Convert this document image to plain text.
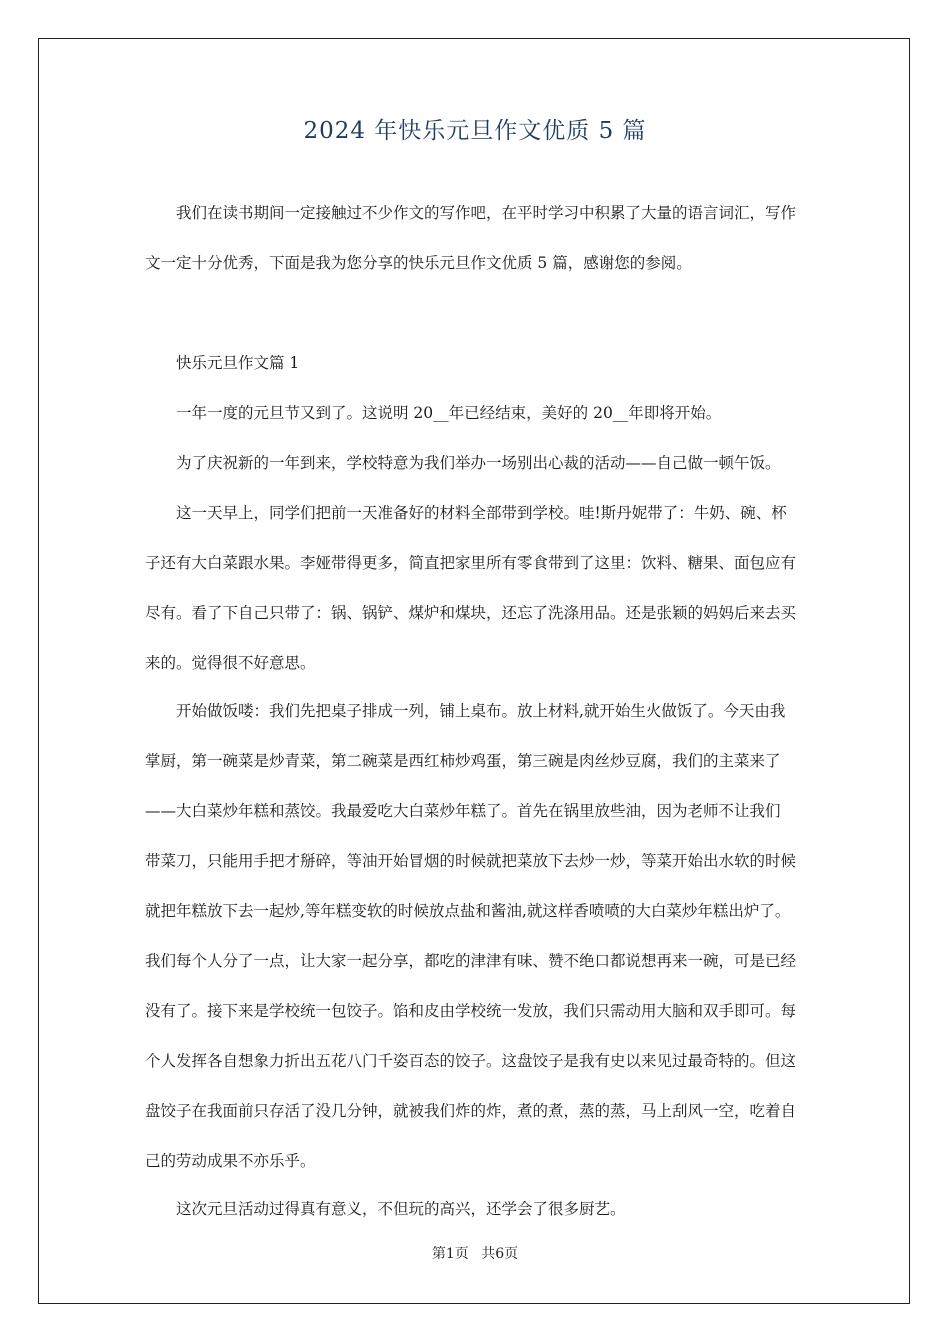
2024 年快乐元旦作文优质 5 篇
我们在读书期间一定接触过不少作文的写作吧，在平时学习中积累了大量的语言词汇，写作
文一定十分优秀，下面是我为您分享的快乐元旦作文优质 5 篇，感谢您的参阅。
快乐元旦作文篇 1
一年一度的元旦节又到了。这说明 20__年已经结束，美好的 20__年即将开始。
为了庆祝新的一年到来，学校特意为我们举办一场别出心裁的活动——自己做一顿午饭。
这一天早上，同学们把前一天准备好的材料全部带到学校。哇!斯丹妮带了：牛奶、碗、杯
子还有大白菜跟水果。李娅带得更多，简直把家里所有零食带到了这里：饮料、糖果、面包应有
尽有。看了下自己只带了：锅、锅铲、煤炉和煤块，还忘了洗涤用品。还是张颖的妈妈后来去买
来的。觉得很不好意思。
开始做饭喽：我们先把桌子排成一列，铺上桌布。放上材料,就开始生火做饭了。今天由我
掌厨，第一碗菜是炒青菜，第二碗菜是西红柿炒鸡蛋，第三碗是肉丝炒豆腐，我们的主菜来了
——大白菜炒年糕和蒸饺。我最爱吃大白菜炒年糕了。首先在锅里放些油，因为老师不让我们
带菜刀，只能用手把才掰碎，等油开始冒烟的时候就把菜放下去炒一炒，等菜开始出水软的时候
就把年糕放下去一起炒,等年糕变软的时候放点盐和酱油,就这样香喷喷的大白菜炒年糕出炉了。
我们每个人分了一点，让大家一起分享，都吃的津津有味、赞不绝口都说想再来一碗，可是已经
没有了。接下来是学校统一包饺子。馅和皮由学校统一发放，我们只需动用大脑和双手即可。每
个人发挥各自想象力折出五花八门千姿百态的饺子。这盘饺子是我有史以来见过最奇特的。但这
盘饺子在我面前只存活了没几分钟，就被我们炸的炸，煮的煮，蒸的蒸，马上刮风一空，吃着自
己的劳动成果不亦乐乎。
这次元旦活动过得真有意义，不但玩的高兴，还学会了很多厨艺。
第1页 共6页
